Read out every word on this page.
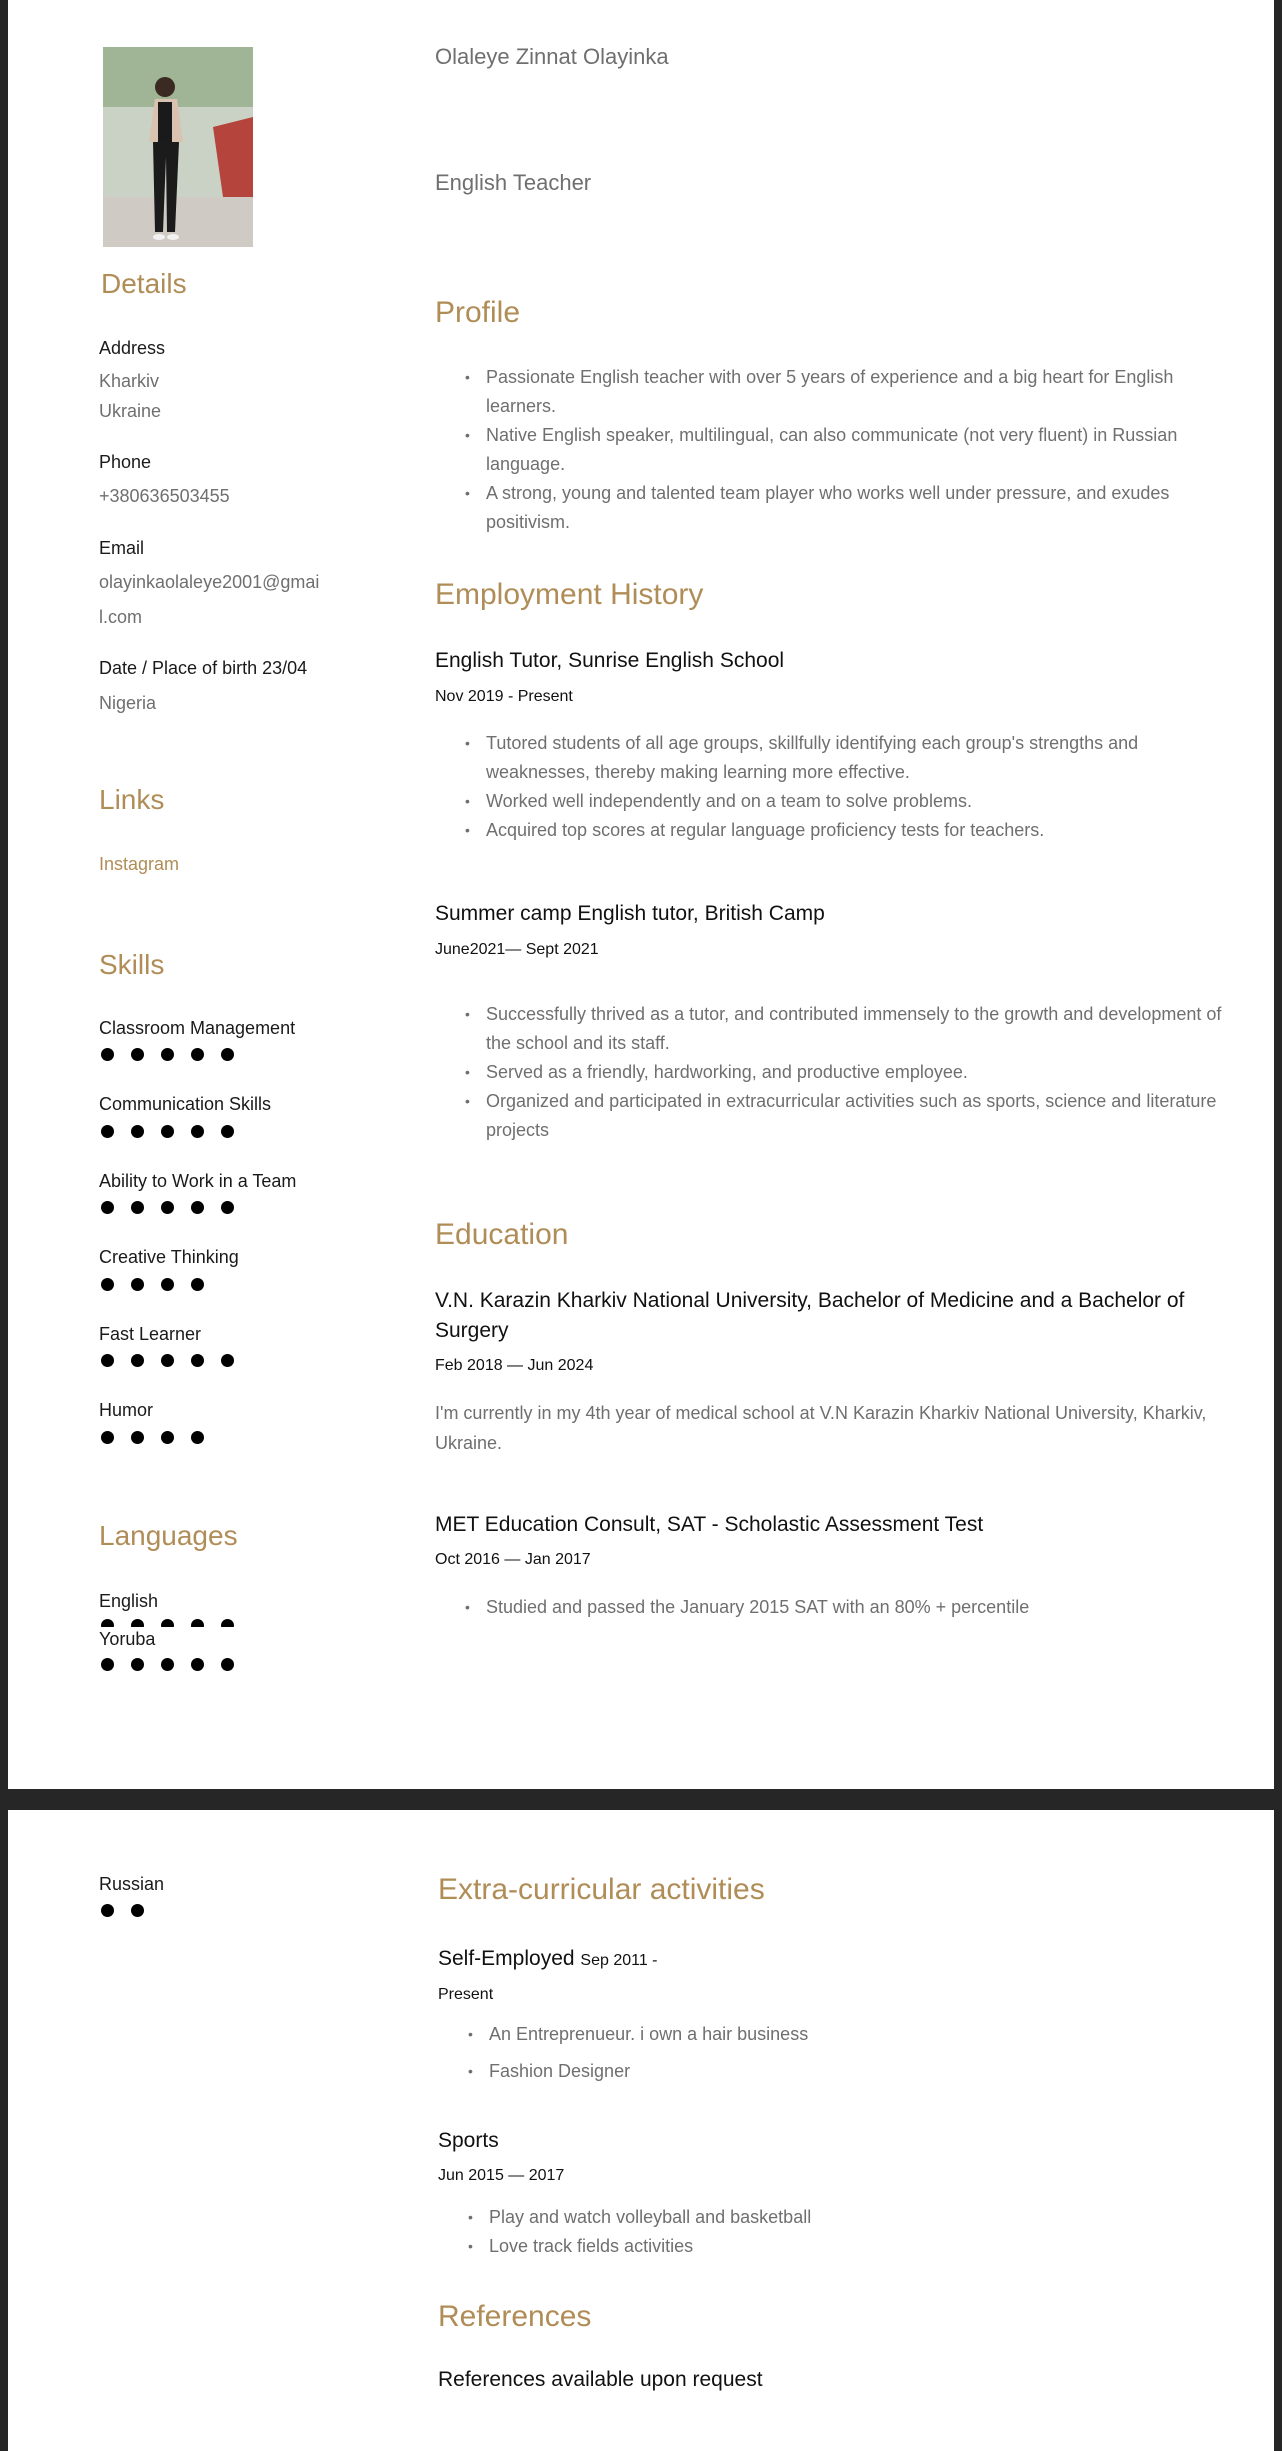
Details
Address
Kharkiv
Ukraine
Phone
+380636503455
Email
olayinkaolaleye2001@gmai
l.com
Date / Place of birth 23/04
Nigeria
Links
Instagram
Skills
Classroom Management
Communication Skills
Ability to Work in a Team
Creative Thinking
Fast Learner
Humor
Languages
English
Yoruba
Olaleye Zinnat Olayinka
English Teacher
Profile
• Passionate English teacher with over 5 years of experience and a big heart for English learners.
• Native English speaker, multilingual, can also communicate (not very fluent) in Russian language.
• A strong, young and talented team player who works well under pressure, and exudes positivism.
Employment History
English Tutor, Sunrise English School
Nov 2019 - Present
• Tutored students of all age groups, skillfully identifying each group's strengths and weaknesses, thereby making learning more effective.
• Worked well independently and on a team to solve problems.
• Acquired top scores at regular language proficiency tests for teachers.
Summer camp English tutor, British Camp
June2021— Sept 2021
• Successfully thrived as a tutor, and contributed immensely to the growth and development of the school and its staff.
• Served as a friendly, hardworking, and productive employee.
• Organized and participated in extracurricular activities such as sports, science and literature projects
Education
V.N. Karazin Kharkiv National University, Bachelor of Medicine and a Bachelor of Surgery
Feb 2018 — Jun 2024
I'm currently in my 4th year of medical school at V.N Karazin Kharkiv National University, Kharkiv, Ukraine.
MET Education Consult, SAT - Scholastic Assessment Test
Oct 2016 — Jan 2017
• Studied and passed the January 2015 SAT with an 80% + percentile
Russian	Extra-curricular activities
Self-Employed Sep 2011 -
Present
• An Entreprenueur. i own a hair business
• Fashion Designer
Sports
Jun 2015 — 2017
• Play and watch volleyball and basketball
• Love track fields activities
References
References available upon request
